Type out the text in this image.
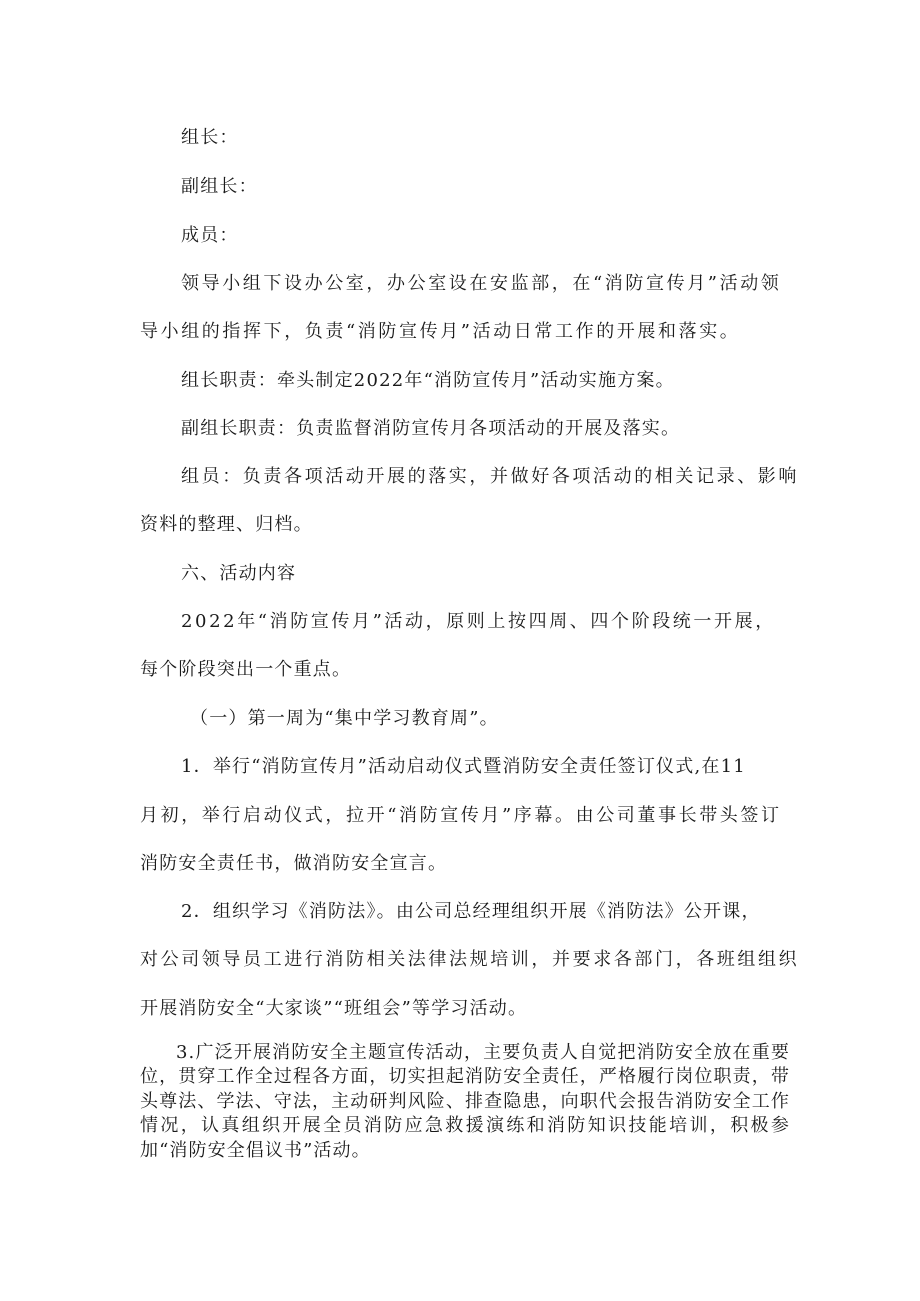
组长：
副组长：
成员：
领导小组下设办公室，办公室设在安监部，在“消防宣传月”活动领
导小组的指挥下，负责“消防宣传月”活动日常工作的开展和落实。
组长职责：牵头制定2022年“消防宣传月”活动实施方案。
副组长职责：负责监督消防宣传月各项活动的开展及落实。
组员：负责各项活动开展的落实，并做好各项活动的相关记录、影响
资料的整理、归档。
六、活动内容
2022年“消防宣传月”活动，原则上按四周、四个阶段统一开展，
每个阶段突出一个重点。
（一）第一周为“集中学习教育周”。
1．举行“消防宣传月”活动启动仪式暨消防安全责任签订仪式,在11
月初，举行启动仪式，拉开“消防宣传月”序幕。由公司董事长带头签订
消防安全责任书，做消防安全宣言。
2．组织学习《消防法》。由公司总经理组织开展《消防法》公开课，
对公司领导员工进行消防相关法律法规培训，并要求各部门，各班组组织
开展消防安全“大家谈”“班组会”等学习活动。
3.广泛开展消防安全主题宣传活动，主要负责人自觉把消防安全放在重要位，贯穿工作全过程各方面，切实担起消防安全责任，严格履行岗位职责，带头尊法、学法、守法，主动研判风险、排查隐患，向职代会报告消防安全工作情况，认真组织开展全员消防应急救援演练和消防知识技能培训，积极参加“消防安全倡议书”活动。
